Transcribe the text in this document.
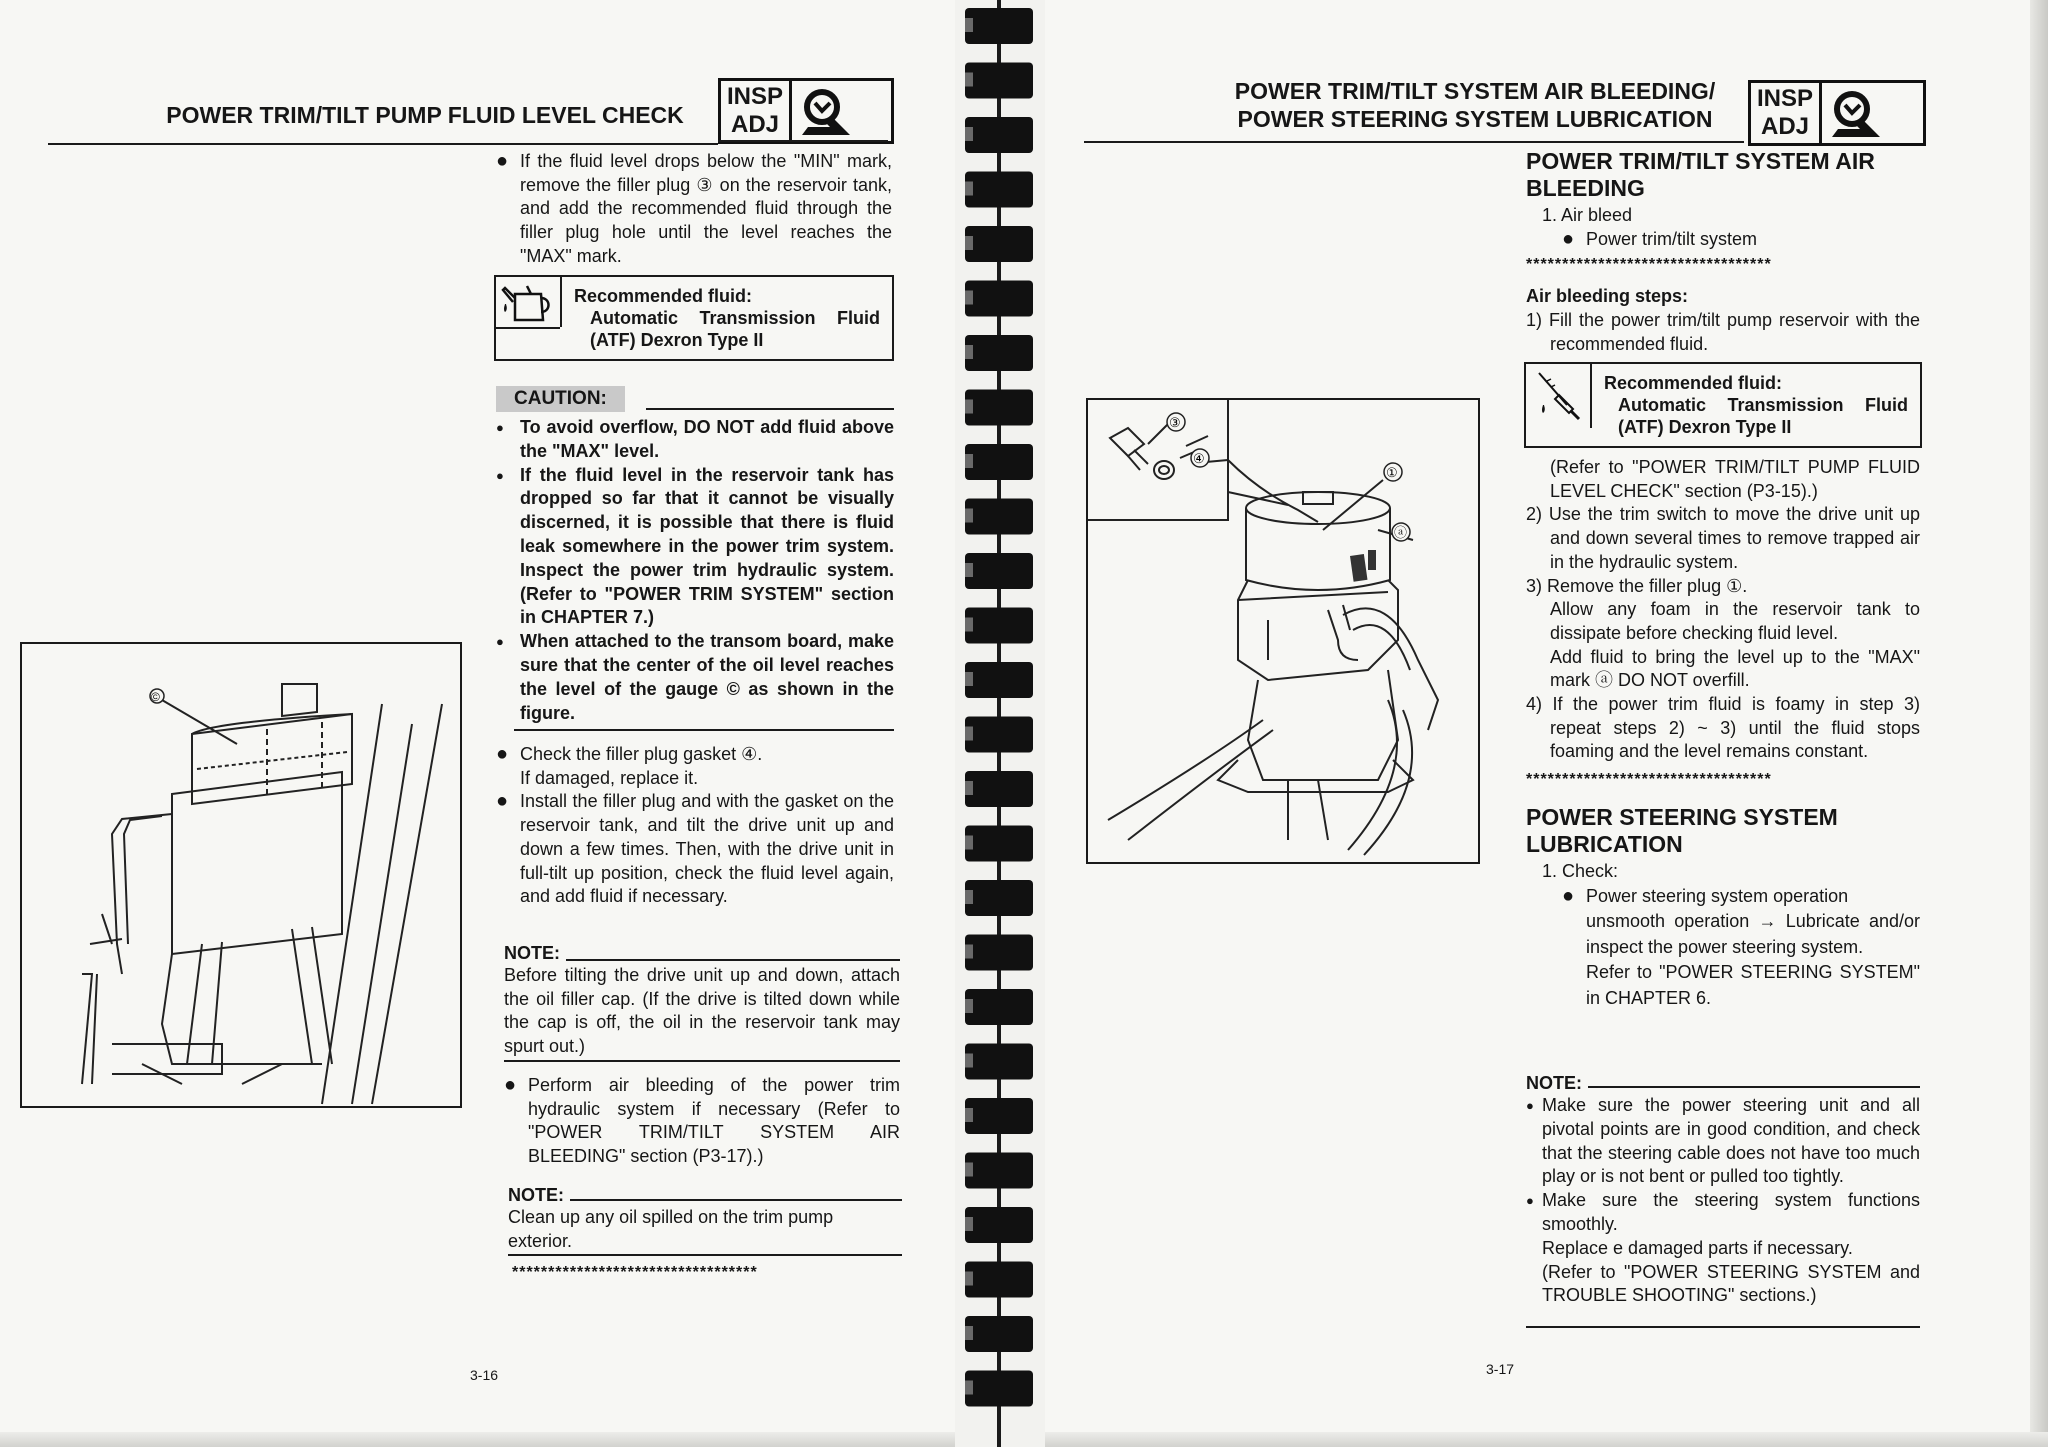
POWER TRIM/TILT PUMP FLUID LEVEL CHECK
INSP
ADJ
● If the fluid level drops below the "MIN" mark, remove the filler plug ③ on the reservoir tank, and add the recommended fluid through the filler plug hole until the level reaches the "MAX" mark.
Recommended fluid:
Automatic Transmission Fluid
(ATF) Dexron Type II
CAUTION:
● To avoid overflow, DO NOT add fluid above the "MAX" level.
● If the fluid level in the reservoir tank has dropped so far that it cannot be visually discerned, it is possible that there is fluid leak somewhere in the power trim system. Inspect the power trim hydraulic system. (Refer to "POWER TRIM SYSTEM" section in CHAPTER 7.)
● When attached to the transom board, make sure that the center of the oil level reaches the level of the gauge © as shown in the figure.
● Check the filler plug gasket ④.
If damaged, replace it.
● Install the filler plug and with the gasket on the reservoir tank, and tilt the drive unit up and down a few times. Then, with the drive unit in full-tilt up position, check the fluid level again, and add fluid if necessary.
NOTE:
Before tilting the drive unit up and down, attach the oil filler cap. (If the drive is tilted down while the cap is off, the oil in the reservoir tank may spurt out.)
● Perform air bleeding of the power trim hydraulic system if necessary (Refer to "POWER TRIM/TILT SYSTEM AIR BLEEDING" section (P3-17).)
NOTE:
Clean up any oil spilled on the trim pump exterior.
**********************************
©
3-16
POWER TRIM/TILT SYSTEM AIR BLEEDING/
POWER STEERING SYSTEM LUBRICATION
INSP
ADJ
POWER TRIM/TILT SYSTEM AIR
BLEEDING
1. Air bleed
● Power trim/tilt system
**********************************
Air bleeding steps:
1) Fill the power trim/tilt pump reservoir with the recommended fluid.
Recommended fluid:
Automatic Transmission Fluid
(ATF) Dexron Type II
(Refer to "POWER TRIM/TILT PUMP FLUID LEVEL CHECK" section (P3-15).)
2) Use the trim switch to move the drive unit up and down several times to remove trapped air in the hydraulic system.
3) Remove the filler plug ①.
Allow any foam in the reservoir tank to dissipate before checking fluid level.
Add fluid to bring the level up to the "MAX" mark ⓐ DO NOT overfill.
4) If the power trim fluid is foamy in step 3) repeat steps 2) ~ 3) until the fluid stops foaming and the level remains constant.
**********************************
POWER STEERING SYSTEM
LUBRICATION
1. Check:
● Power steering system operation
unsmooth operation → Lubricate and/or inspect the power steering system.
Refer to "POWER STEERING SYSTEM" in CHAPTER 6.
NOTE:
● Make sure the power steering unit and all pivotal points are in good condition, and check that the steering cable does not have too much play or is not bent or pulled too tightly.
● Make sure the steering system functions smoothly.
Replace e damaged parts if necessary.
(Refer to "POWER STEERING SYSTEM and TROUBLE SHOOTING" sections.)
③
④
①
ⓐ
3-17
